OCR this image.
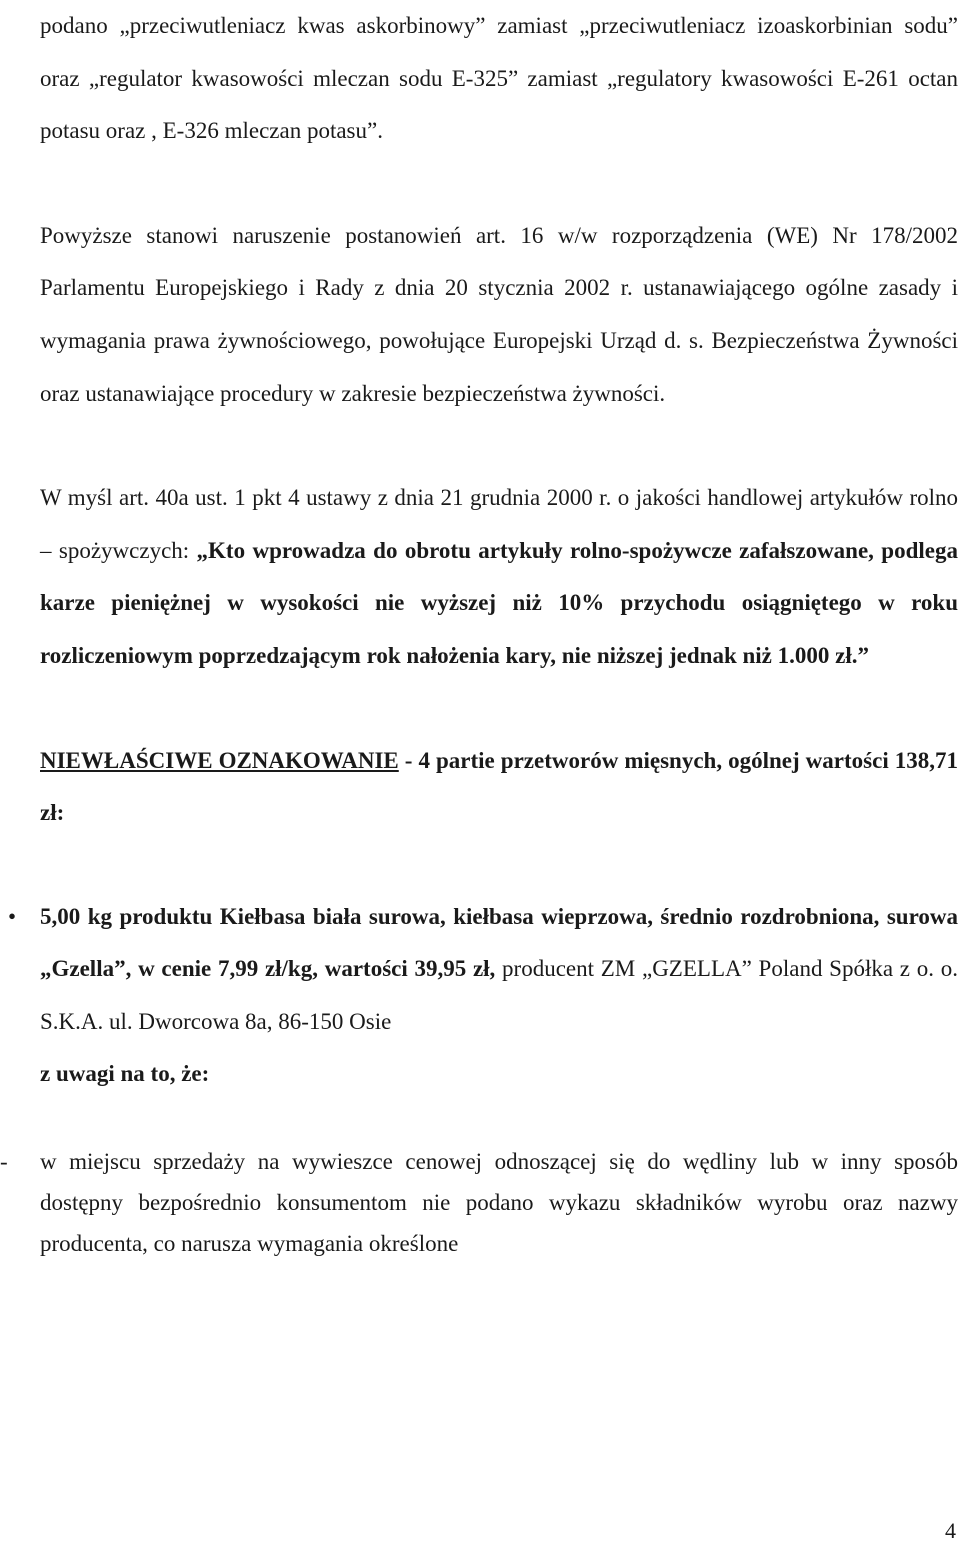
podano „przeciwutleniacz kwas askorbinowy” zamiast „przeciwutleniacz izoaskorbinian sodu” oraz „regulator kwasowości mleczan sodu E-325” zamiast „regulatory kwasowości E-261 octan potasu oraz , E-326 mleczan potasu”.

Powyższe stanowi naruszenie postanowień art. 16 w/w rozporządzenia (WE) Nr 178/2002 Parlamentu Europejskiego i Rady z dnia 20 stycznia 2002 r. ustanawiającego ogólne zasady i wymagania prawa żywnościowego, powołujące Europejski Urząd d. s. Bezpieczeństwa Żywności oraz ustanawiające procedury w zakresie bezpieczeństwa żywności.

W myśl art. 40a ust. 1 pkt 4 ustawy z dnia 21 grudnia 2000 r. o jakości handlowej artykułów rolno – spożywczych: „Kto wprowadza do obrotu artykuły rolno-spożywcze zafałszowane, podlega karze pieniężnej w wysokości nie wyższej niż 10% przychodu osiągniętego w roku rozliczeniowym poprzedzającym rok nałożenia kary, nie niższej jednak niż 1.000 zł.”

NIEWŁAŚCIWE OZNAKOWANIE - 4 partie przetworów mięsnych, ogólnej wartości 138,71 zł:

• 5,00 kg produktu Kiełbasa biała surowa, kiełbasa wieprzowa, średnio rozdrobniona, surowa „Gzella”, w cenie 7,99 zł/kg, wartości 39,95 zł, producent ZM „GZELLA” Poland Spółka z o. o. S.K.A. ul. Dworcowa 8a, 86-150 Osie

z uwagi na to, że:

- w miejscu sprzedaży na wywieszce cenowej odnoszącej się do wędliny lub w inny sposób dostępny bezpośrednio konsumentom nie podano wykazu składników wyrobu oraz nazwy producenta, co narusza wymagania określone

4
